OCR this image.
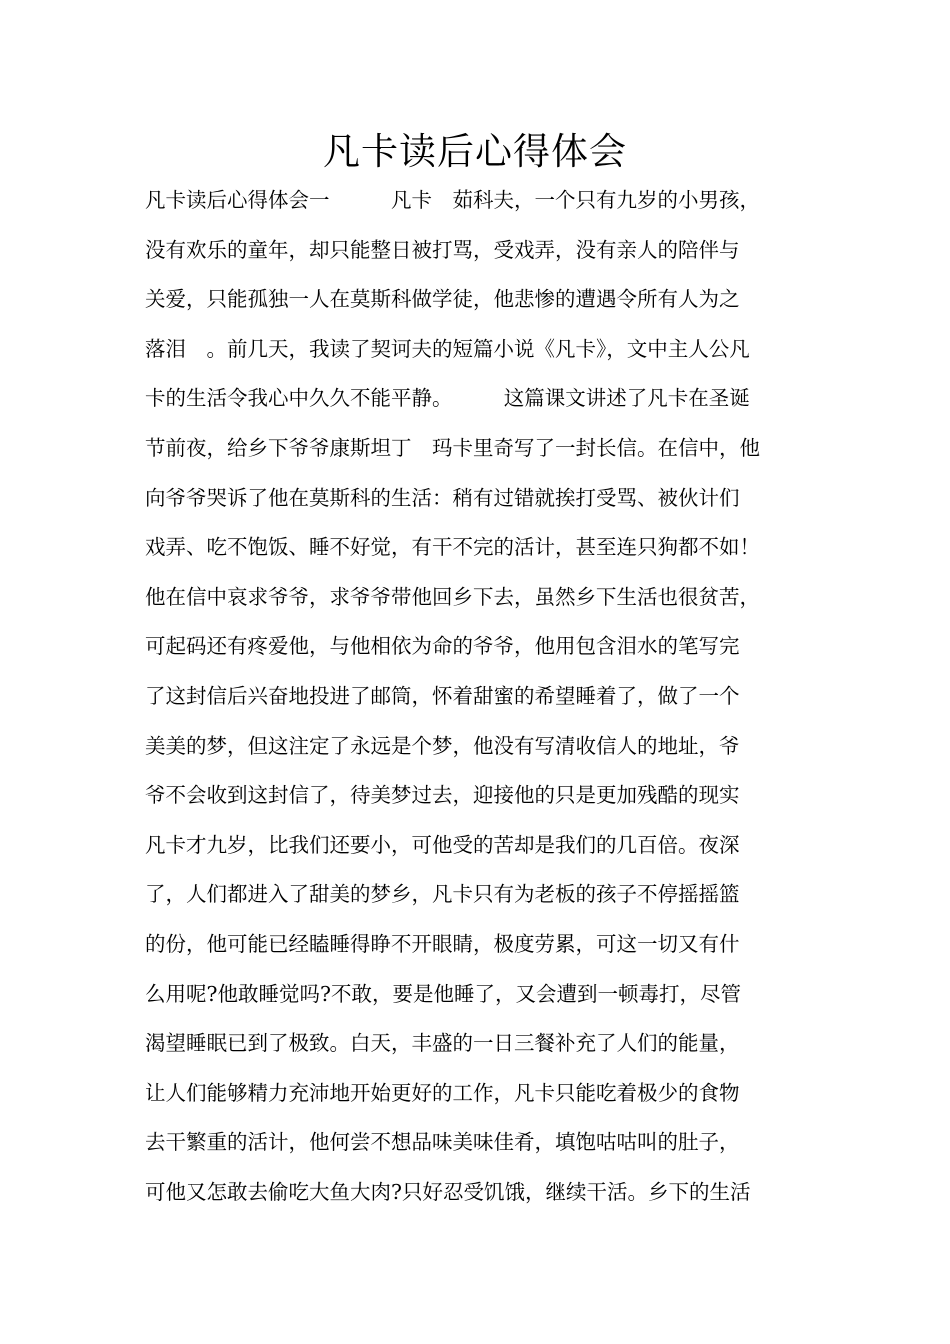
凡卡读后心得体会
凡卡读后心得体会一　　　凡卡　茹科夫，一个只有九岁的小男孩，
没有欢乐的童年，却只能整日被打骂，受戏弄，没有亲人的陪伴与
关爱，只能孤独一人在莫斯科做学徒，他悲惨的遭遇令所有人为之
落泪　。前几天，我读了契诃夫的短篇小说《凡卡》，文中主人公凡
卡的生活令我心中久久不能平静。　　　这篇课文讲述了凡卡在圣诞
节前夜，给乡下爷爷康斯坦丁　玛卡里奇写了一封长信。在信中，他
向爷爷哭诉了他在莫斯科的生活：稍有过错就挨打受骂、被伙计们
戏弄、吃不饱饭、睡不好觉，有干不完的活计，甚至连只狗都不如！
他在信中哀求爷爷，求爷爷带他回乡下去，虽然乡下生活也很贫苦，
可起码还有疼爱他，与他相依为命的爷爷，他用包含泪水的笔写完
了这封信后兴奋地投进了邮筒，怀着甜蜜的希望睡着了，做了一个
美美的梦，但这注定了永远是个梦，他没有写清收信人的地址，爷
爷不会收到这封信了，待美梦过去，迎接他的只是更加残酷的现实
凡卡才九岁，比我们还要小，可他受的苦却是我们的几百倍。夜深
了，人们都进入了甜美的梦乡，凡卡只有为老板的孩子不停摇摇篮
的份，他可能已经瞌睡得睁不开眼睛，极度劳累，可这一切又有什
么用呢?他敢睡觉吗?不敢，要是他睡了，又会遭到一顿毒打，尽管
渴望睡眠已到了极致。白天，丰盛的一日三餐补充了人们的能量，
让人们能够精力充沛地开始更好的工作，凡卡只能吃着极少的食物
去干繁重的活计，他何尝不想品味美味佳肴，填饱咕咕叫的肚子，
可他又怎敢去偷吃大鱼大肉?只好忍受饥饿，继续干活。乡下的生活
